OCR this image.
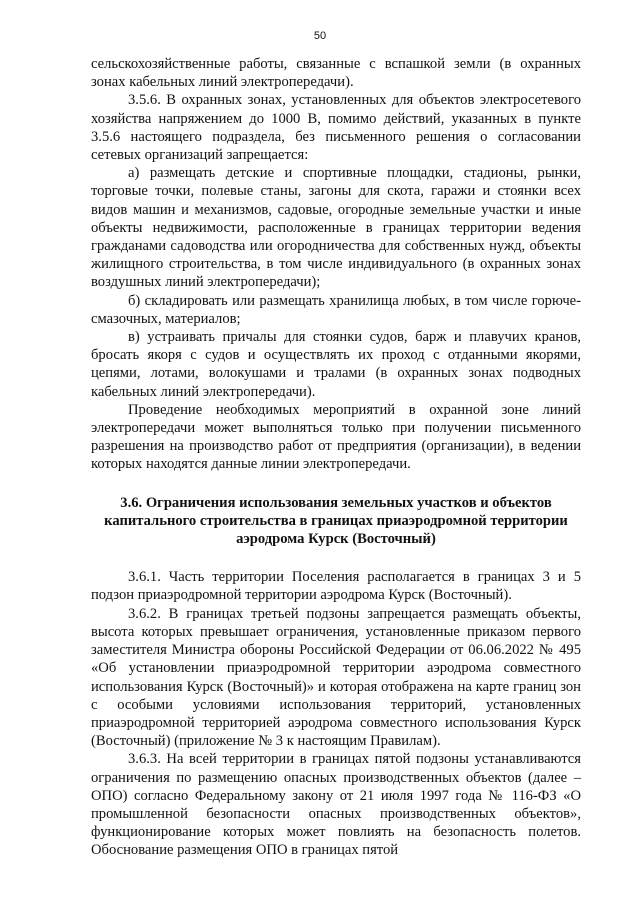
50

сельскохозяйственные работы, связанные с вспашкой земли (в охранных зонах кабельных линий электропередачи).

3.5.6. В охранных зонах, установленных для объектов электросетевого хозяйства напряжением до 1000 В, помимо действий, указанных в пункте 3.5.6 настоящего подраздела, без письменного решения о согласовании сетевых организаций запрещается:

а) размещать детские и спортивные площадки, стадионы, рынки, торговые точки, полевые станы, загоны для скота, гаражи и стоянки всех видов машин и механизмов, садовые, огородные земельные участки и иные объекты недвижимости, расположенные в границах территории ведения гражданами садоводства или огородничества для собственных нужд, объекты жилищного строительства, в том числе индивидуального (в охранных зонах воздушных линий электропередачи);

б) складировать или размещать хранилища любых, в том числе горюче-смазочных, материалов;

в) устраивать причалы для стоянки судов, барж и плавучих кранов, бросать якоря с судов и осуществлять их проход с отданными якорями, цепями, лотами, волокушами и тралами (в охранных зонах подводных кабельных линий электропередачи).

Проведение необходимых мероприятий в охранной зоне линий электропередачи может выполняться только при получении письменного разрешения на производство работ от предприятия (организации), в ведении которых находятся данные линии электропередачи.

3.6. Ограничения использования земельных участков и объектов капитального строительства в границах приаэродромной территории аэродрома Курск (Восточный)

3.6.1. Часть территории Поселения располагается в границах 3 и 5 подзон приаэродромной территории аэродрома Курск (Восточный).

3.6.2. В границах третьей подзоны запрещается размещать объекты, высота которых превышает ограничения, установленные приказом первого заместителя Министра обороны Российской Федерации от 06.06.2022 № 495 «Об установлении приаэродромной территории аэродрома совместного использования Курск (Восточный)» и которая отображена на карте границ зон с особыми условиями использования территорий, установленных приаэродромной территорией аэродрома совместного использования Курск (Восточный) (приложение № 3 к настоящим Правилам).

3.6.3. На всей территории в границах пятой подзоны устанавливаются ограничения по размещению опасных производственных объектов (далее – ОПО) согласно Федеральному закону от 21 июля 1997 года № 116-ФЗ «О промышленной безопасности опасных производственных объектов», функционирование которых может повлиять на безопасность полетов. Обоснование размещения ОПО в границах пятой
